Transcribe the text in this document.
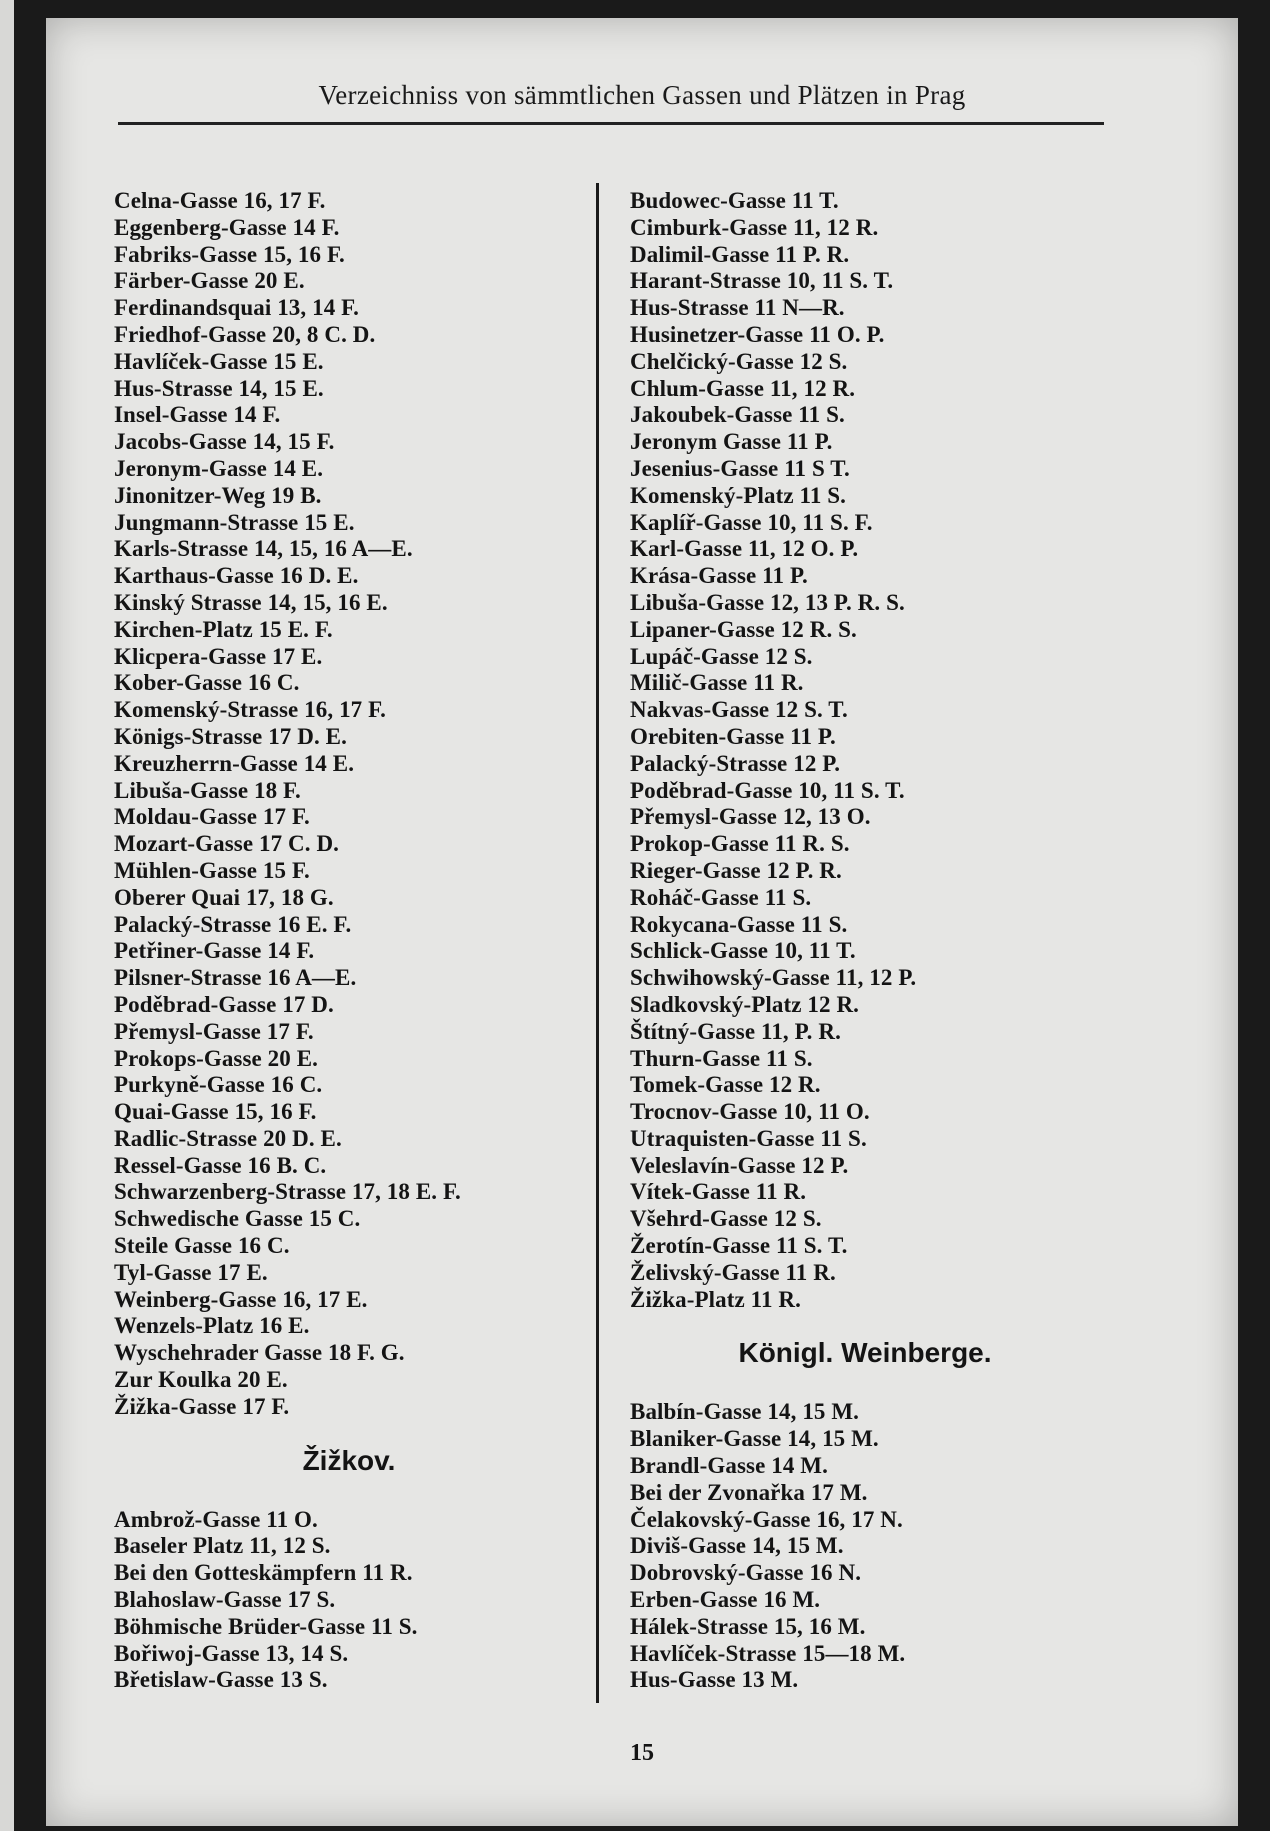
Verzeichniss von sämmtlichen Gassen und Plätzen in Prag
Celna-Gasse 16, 17 F.
Eggenberg-Gasse 14 F.
Fabriks-Gasse 15, 16 F.
Färber-Gasse 20 E.
Ferdinandsquai 13, 14 F.
Friedhof-Gasse 20, 8 C. D.
Havlíček-Gasse 15 E.
Hus-Strasse 14, 15 E.
Insel-Gasse 14 F.
Jacobs-Gasse 14, 15 F.
Jeronym-Gasse 14 E.
Jinonitzer-Weg 19 B.
Jungmann-Strasse 15 E.
Karls-Strasse 14, 15, 16 A—E.
Karthaus-Gasse 16 D. E.
Kinský Strasse 14, 15, 16 E.
Kirchen-Platz 15 E. F.
Klicpera-Gasse 17 E.
Kober-Gasse 16 C.
Komenský-Strasse 16, 17 F.
Königs-Strasse 17 D. E.
Kreuzherrn-Gasse 14 E.
Libuša-Gasse 18 F.
Moldau-Gasse 17 F.
Mozart-Gasse 17 C. D.
Mühlen-Gasse 15 F.
Oberer Quai 17, 18 G.
Palacký-Strasse 16 E. F.
Petřiner-Gasse 14 F.
Pilsner-Strasse 16 A—E.
Poděbrad-Gasse 17 D.
Přemysl-Gasse 17 F.
Prokops-Gasse 20 E.
Purkyně-Gasse 16 C.
Quai-Gasse 15, 16 F.
Radlic-Strasse 20 D. E.
Ressel-Gasse 16 B. C.
Schwarzenberg-Strasse 17, 18 E. F.
Schwedische Gasse 15 C.
Steile Gasse 16 C.
Tyl-Gasse 17 E.
Weinberg-Gasse 16, 17 E.
Wenzels-Platz 16 E.
Wyschehrader Gasse 18 F. G.
Zur Koulka 20 E.
Žižka-Gasse 17 F.
Žižkov.
Ambrož-Gasse 11 O.
Baseler Platz 11, 12 S.
Bei den Gotteskämpfern 11 R.
Blahoslaw-Gasse 17 S.
Böhmische Brüder-Gasse 11 S.
Bořiwoj-Gasse 13, 14 S.
Břetislaw-Gasse 13 S.
Budowec-Gasse 11 T.
Cimburk-Gasse 11, 12 R.
Dalimil-Gasse 11 P. R.
Harant-Strasse 10, 11 S. T.
Hus-Strasse 11 N—R.
Husinetzer-Gasse 11 O. P.
Chelčický-Gasse 12 S.
Chlum-Gasse 11, 12 R.
Jakoubek-Gasse 11 S.
Jeronym Gasse 11 P.
Jesenius-Gasse 11 S T.
Komenský-Platz 11 S.
Kaplíř-Gasse 10, 11 S. F.
Karl-Gasse 11, 12 O. P.
Krása-Gasse 11 P.
Libuša-Gasse 12, 13 P. R. S.
Lipaner-Gasse 12 R. S.
Lupáč-Gasse 12 S.
Milič-Gasse 11 R.
Nakvas-Gasse 12 S. T.
Orebiten-Gasse 11 P.
Palacký-Strasse 12 P.
Poděbrad-Gasse 10, 11 S. T.
Přemysl-Gasse 12, 13 O.
Prokop-Gasse 11 R. S.
Rieger-Gasse 12 P. R.
Roháč-Gasse 11 S.
Rokycana-Gasse 11 S.
Schlick-Gasse 10, 11 T.
Schwihowský-Gasse 11, 12 P.
Sladkovský-Platz 12 R.
Štítný-Gasse 11, P. R.
Thurn-Gasse 11 S.
Tomek-Gasse 12 R.
Trocnov-Gasse 10, 11 O.
Utraquisten-Gasse 11 S.
Veleslavín-Gasse 12 P.
Vítek-Gasse 11 R.
Všehrd-Gasse 12 S.
Žerotín-Gasse 11 S. T.
Želivský-Gasse 11 R.
Žižka-Platz 11 R.
Königl. Weinberge.
Balbín-Gasse 14, 15 M.
Blaniker-Gasse 14, 15 M.
Brandl-Gasse 14 M.
Bei der Zvonařka 17 M.
Čelakovský-Gasse 16, 17 N.
Diviš-Gasse 14, 15 M.
Dobrovský-Gasse 16 N.
Erben-Gasse 16 M.
Hálek-Strasse 15, 16 M.
Havlíček-Strasse 15—18 M.
Hus-Gasse 13 M.
15
